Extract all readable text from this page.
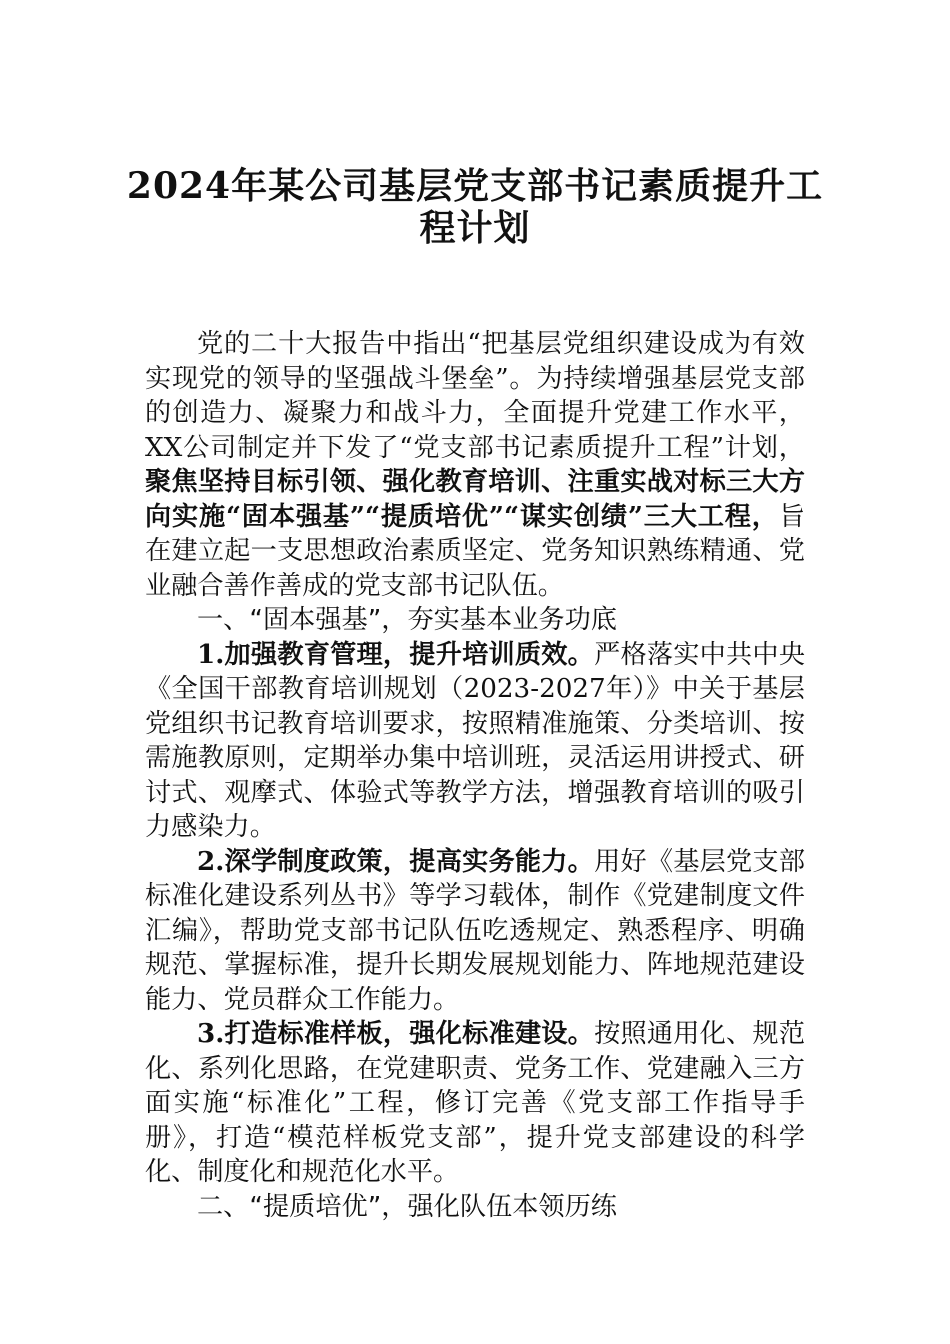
2024年某公司基层党支部书记素质提升工
程计划

党的二十大报告中指出“把基层党组织建设成为有效实现党的领导的坚强战斗堡垒”。为持续增强基层党支部的创造力、凝聚力和战斗力，全面提升党建工作水平，XX公司制定并下发了“党支部书记素质提升工程”计划，聚焦坚持目标引领、强化教育培训、注重实战对标三大方向实施“固本强基”“提质培优”“谋实创绩”三大工程，旨在建立起一支思想政治素质坚定、党务知识熟练精通、党业融合善作善成的党支部书记队伍。

一、“固本强基”，夯实基本业务功底

1.加强教育管理，提升培训质效。严格落实中共中央《全国干部教育培训规划（2023-2027年）》中关于基层党组织书记教育培训要求，按照精准施策、分类培训、按需施教原则，定期举办集中培训班，灵活运用讲授式、研讨式、观摩式、体验式等教学方法，增强教育培训的吸引力感染力。

2.深学制度政策，提高实务能力。用好《基层党支部标准化建设系列丛书》等学习载体，制作《党建制度文件汇编》，帮助党支部书记队伍吃透规定、熟悉程序、明确规范、掌握标准，提升长期发展规划能力、阵地规范建设能力、党员群众工作能力。

3.打造标准样板，强化标准建设。按照通用化、规范化、系列化思路，在党建职责、党务工作、党建融入三方面实施“标准化”工程，修订完善《党支部工作指导手册》，打造“模范样板党支部”，提升党支部建设的科学化、制度化和规范化水平。

二、“提质培优”，强化队伍本领历练
